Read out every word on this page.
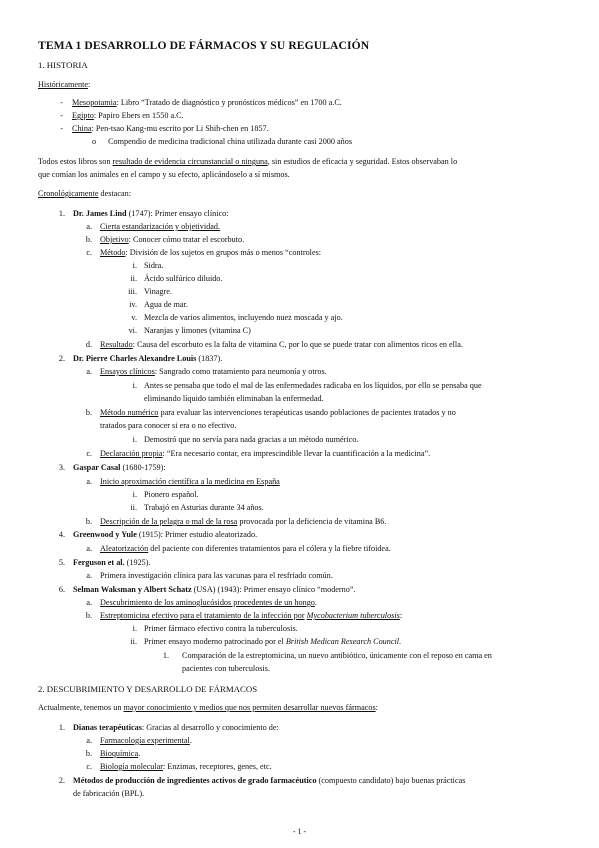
TEMA 1 DESARROLLO DE FÁRMACOS Y SU REGULACIÓN
1. HISTORIA
Históricamente:
- Mesopotamia: Libro “Tratado de diagnóstico y pronósticos médicos” en 1700 a.C.
- Egipto: Papiro Ebers en 1550 a.C.
- China: Pen-tsao Kang-mu escrito por Li Shih-chen en 1857.
o Compendio de medicina tradicional china utilizada durante casi 2000 años
Todos estos libros son resultado de evidencia circunstancial o ninguna, sin estudios de eficacia y seguridad. Estos observaban lo
que comían los animales en el campo y su efecto, aplicándoselo a sí mismos.
Cronológicamente destacan:
1. Dr. James Lind (1747): Primer ensayo clínico:
a. Cierta estandarización y objetividad.
b. Objetivo: Conocer cómo tratar el escorbuto.
c. Método: División de los sujetos en grupos más o menos “controles:
i. Sidra.
ii. Ácido sulfúrico diluido.
iii. Vinagre.
iv. Agua de mar.
v. Mezcla de varios alimentos, incluyendo nuez moscada y ajo.
vi. Naranjas y limones (vitamina C)
d. Resultado: Causa del escorbuto es la falta de vitamina C, por lo que se puede tratar con alimentos ricos en ella.
2. Dr. Pierre Charles Alexandre Louis (1837).
a. Ensayos clínicos: Sangrado como tratamiento para neumonía y otros.
i. Antes se pensaba que todo el mal de las enfermedades radicaba en los líquidos, por ello se pensaba que
eliminando líquido también eliminaban la enfermedad.
b. Método numérico para evaluar las intervenciones terapéuticas usando poblaciones de pacientes tratados y no
tratados para conocer si era o no efectivo.
i. Demostró que no servía para nada gracias a un método numérico.
c. Declaración propia: “Era necesario contar, era imprescindible llevar la cuantificación a la medicina”.
3. Gaspar Casal (1680-1759):
a. Inicio aproximación científica a la medicina en España
i. Pionero español.
ii. Trabajó en Asturias durante 34 años.
b. Descripción de la pelagra o mal de la rosa provocada por la deficiencia de vitamina B6.
4. Greenwood y Yule (1915): Primer estudio aleatorizado.
a. Aleatorización del paciente con diferentes tratamientos para el cólera y la fiebre tifoidea.
5. Ferguson et al. (1925).
a. Primera investigación clínica para las vacunas para el resfriado común.
6. Selman Waksman y Albert Schatz (USA) (1943): Primer ensayo clínico “moderno”.
a. Descubrimiento de los aminoglucósidos procedentes de un hongo.
b. Estreptomicina efectivo para el tratamiento de la infección por Mycobacterium tuberculosis:
i. Primer fármaco efectivo contra la tuberculosis.
ii. Primer ensayo moderno patrocinado por el British Medican Research Council.
1. Comparación de la estreptomicina, un nuevo antibiótico, únicamente con el reposo en cama en
pacientes con tuberculosis.
2. DESCUBRIMIENTO Y DESARROLLO DE FÁRMACOS
Actualmente, tenemos un mayor conocimiento y medios que nos permiten desarrollar nuevos fármacos:
1. Dianas terapéuticas: Gracias al desarrollo y conocimiento de:
a. Farmacología experimental.
b. Bioquímica.
c. Biología molecular: Enzimas, receptores, genes, etc.
2. Métodos de producción de ingredientes activos de grado farmacéutico (compuesto candidato) bajo buenas prácticas
de fabricación (BPL).
- 1 -
